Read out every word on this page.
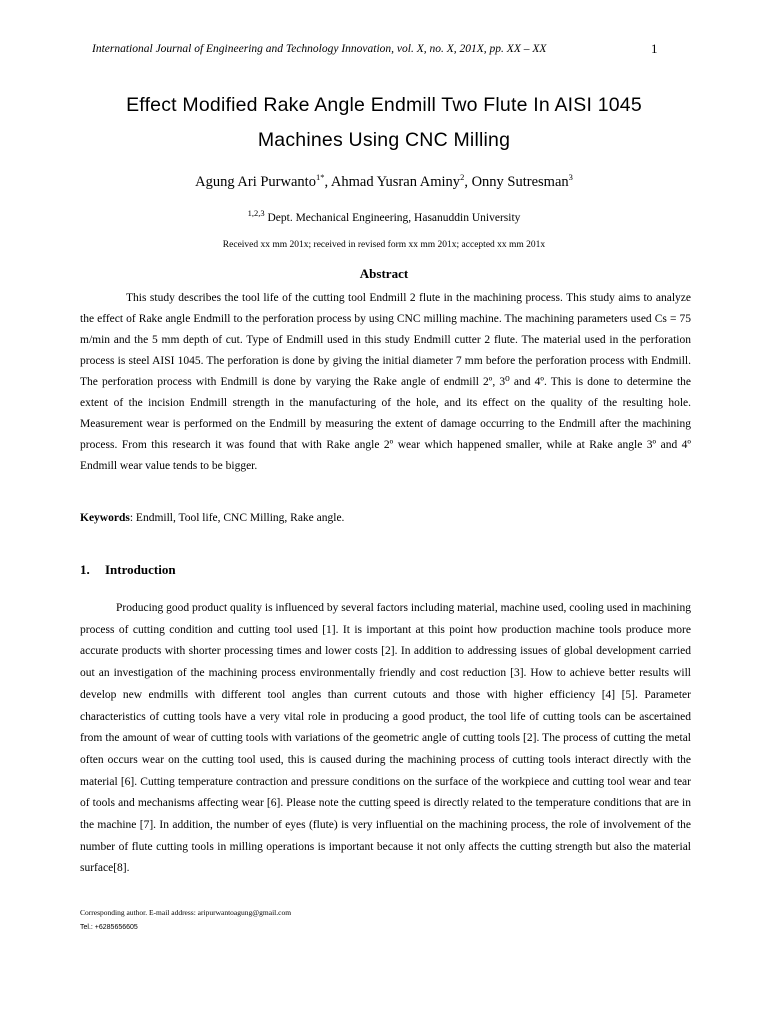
International Journal of Engineering and Technology Innovation, vol. X, no. X, 201X, pp. XX – XX	1
Effect Modified Rake Angle Endmill Two Flute In AISI 1045
Machines Using CNC Milling
Agung Ari Purwanto$^{1*}$, Ahmad Yusran Aminy$^2$, Onny Sutresman$^3$
$^{1,2,3}$ Dept. Mechanical Engineering, Hasanuddin University
Received xx mm 201x; received in revised form xx mm 201x; accepted xx mm 201x
Abstract

This study describes the tool life of the cutting tool Endmill 2 flute in the machining process. This study aims to analyze the effect of Rake angle Endmill to the perforation process by using CNC milling machine. The machining parameters used Cs = 75 m/min and the 5 mm depth of cut. Type of Endmill used in this study Endmill cutter 2 flute. The material used in the perforation process is steel AISI 1045. The perforation is done by giving the initial diameter 7 mm before the perforation process with Endmill. The perforation process with Endmill is done by varying the Rake angle of endmill 2º, 3⁰ and 4º. This is done to determine the extent of the incision Endmill strength in the manufacturing of the hole, and its effect on the quality of the resulting hole. Measurement wear is performed on the Endmill by measuring the extent of damage occurring to the Endmill after the machining process. From this research it was found that with Rake angle 2º wear which happened smaller, while at Rake angle 3º and 4º Endmill wear value tends to be bigger.

Keywords: Endmill, Tool life, CNC Milling, Rake angle.

1. Introduction

Producing good product quality is influenced by several factors including material, machine used, cooling used in machining process of cutting condition and cutting tool used [1]. It is important at this point how production machine tools produce more accurate products with shorter processing times and lower costs [2]. In addition to addressing issues of global development carried out an investigation of the machining process environmentally friendly and cost reduction [3]. How to achieve better results will develop new endmills with different tool angles than current cutouts and those with higher efficiency [4] [5]. Parameter characteristics of cutting tools have a very vital role in producing a good product, the tool life of cutting tools can be ascertained from the amount of wear of cutting tools with variations of the geometric angle of cutting tools [2]. The process of cutting the metal often occurs wear on the cutting tool used, this is caused during the machining process of cutting tools interact directly with the material [6]. Cutting temperature contraction and pressure conditions on the surface of the workpiece and cutting tool wear and tear of tools and mechanisms affecting wear [6]. Please note the cutting speed is directly related to the temperature conditions that are in the machine [7]. In addition, the number of eyes (flute) is very influential on the machining process, the role of involvement of the number of flute cutting tools in milling operations is important because it not only affects the cutting strength but also the material surface[8].

Corresponding author. E-mail address: aripurwantoagung@gmail.com
Tel.: +6285656605
